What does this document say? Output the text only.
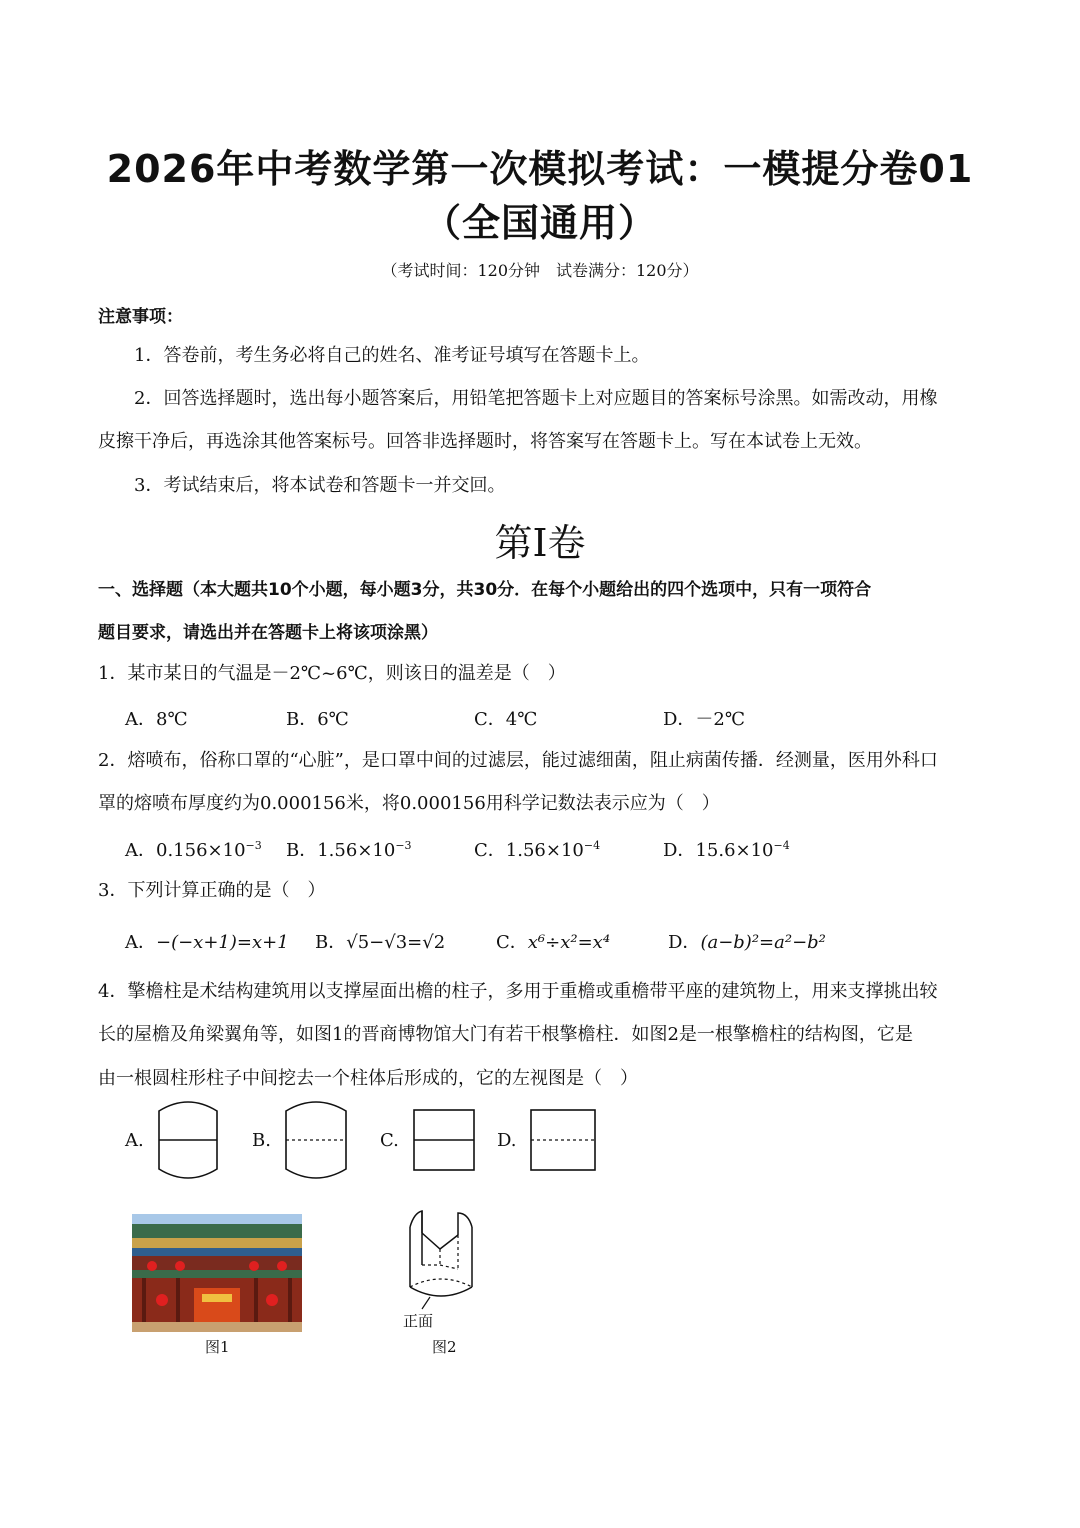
2026年中考数学第一次模拟考试：一模提分卷01
（全国通用）
（考试时间：120分钟　试卷满分：120分）
注意事项：
1．答卷前，考生务必将自己的姓名、准考证号填写在答题卡上。
2．回答选择题时，选出每小题答案后，用铅笔把答题卡上对应题目的答案标号涂黑。如需改动，用橡
皮擦干净后，再选涂其他答案标号。回答非选择题时，将答案写在答题卡上。写在本试卷上无效。
3．考试结束后，将本试卷和答题卡一并交回。
第I卷
一、选择题（本大题共10个小题，每小题3分，共30分．在每个小题给出的四个选项中，只有一项符合
题目要求，请选出并在答题卡上将该项涂黑）
1．某市某日的气温是－2℃~6℃，则该日的温差是（　）
A．8℃	B．6℃	C．4℃	D．－2℃
2．熔喷布，俗称口罩的“心脏”，是口罩中间的过滤层，能过滤细菌，阻止病菌传播．经测量，医用外科口
罩的熔喷布厚度约为0.000156米，将0.000156用科学记数法表示应为（　）
A．$0.156\times 10^{-3}$ B．$1.56\times 10^{-3}$	C．$1.56\times 10^{-4}$	D．$15.6\times 10^{-4}$
3．下列计算正确的是（　）
A．−(−x+1)=x+1 B．√5−√3=√2	C．x⁶÷x²=x⁴	D．(a−b)²=a²−b²
4．擎檐柱是术结构建筑用以支撑屋面出檐的柱子，多用于重檐或重檐带平座的建筑物上，用来支撑挑出较
长的屋檐及角梁翼角等，如图1的晋商博物馆大门有若干根擎檐柱．如图2是一根擎檐柱的结构图，它是
由一根圆柱形柱子中间挖去一个柱体后形成的，它的左视图是（　）
A.	B.	C.	D.
图1
正面
图2
